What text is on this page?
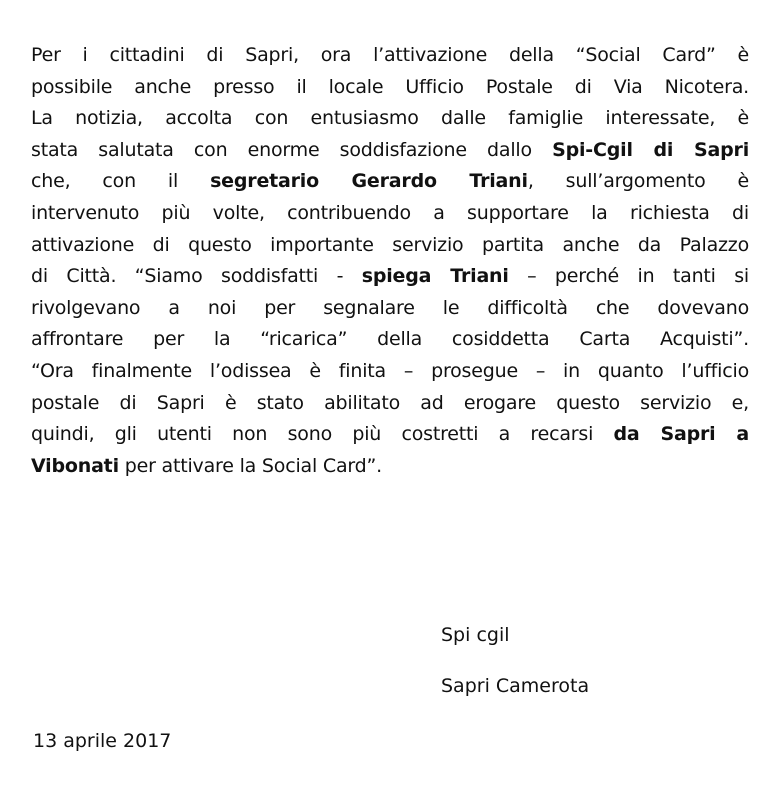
Per i cittadini di Sapri, ora l’attivazione della “Social Card” è
possibile anche presso il locale Ufficio Postale di Via Nicotera.
La notizia, accolta con entusiasmo dalle famiglie interessate, è
stata salutata con enorme soddisfazione dallo Spi-Cgil di Sapri
che, con il segretario Gerardo Triani, sull’argomento è
intervenuto più volte, contribuendo a supportare la richiesta di
attivazione di questo importante servizio partita anche da Palazzo
di Città. “Siamo soddisfatti - spiega Triani – perché in tanti si
rivolgevano a noi per segnalare le difficoltà che dovevano
affrontare per la “ricarica” della cosiddetta Carta Acquisti”.
“Ora finalmente l’odissea è finita – prosegue – in quanto l’ufficio
postale di Sapri è stato abilitato ad erogare questo servizio e,
quindi, gli utenti non sono più costretti a recarsi da Sapri a
Vibonati per attivare la Social Card”.
Spi cgil
Sapri Camerota
13 aprile 2017
